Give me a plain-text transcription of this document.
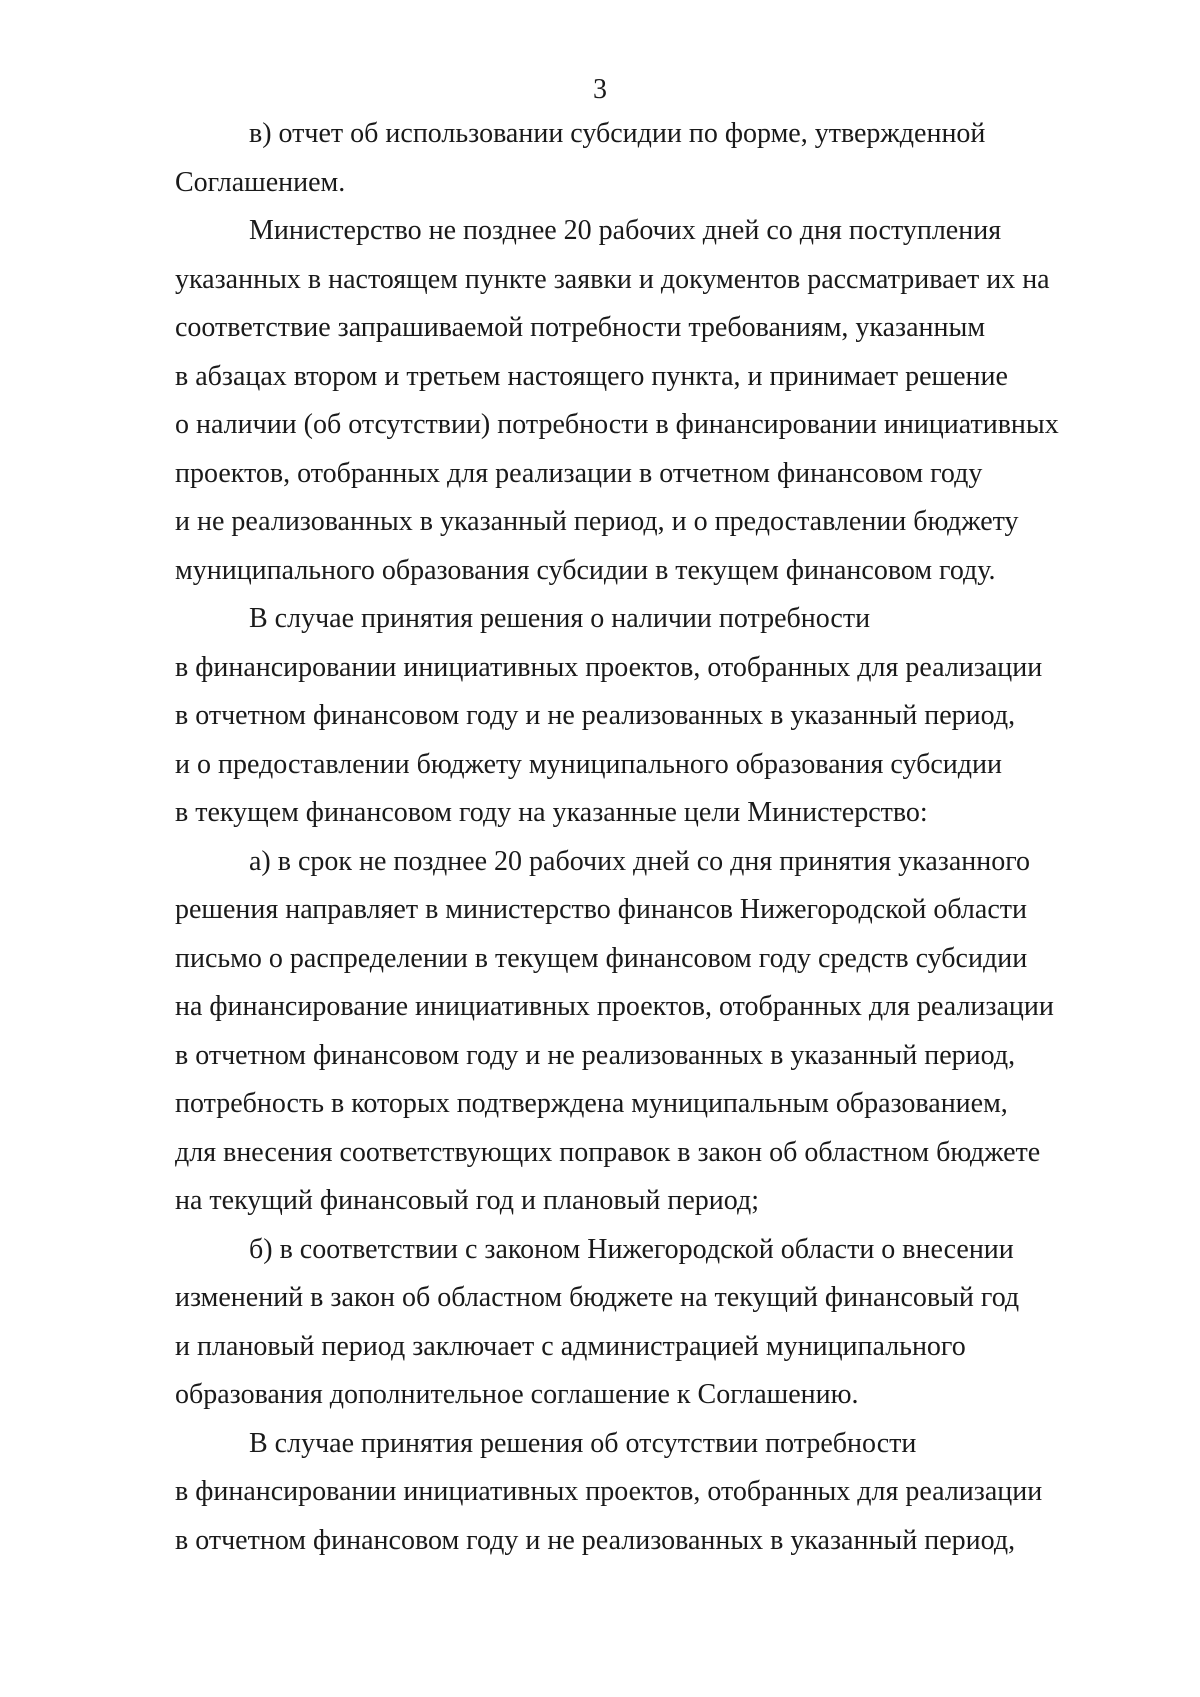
3
в) отчет об использовании субсидии по форме, утвержденной
Соглашением.
Министерство не позднее 20 рабочих дней со дня поступления
указанных в настоящем пункте заявки и документов рассматривает их на
соответствие запрашиваемой потребности требованиям, указанным
в абзацах втором и третьем настоящего пункта, и принимает решение
о наличии (об отсутствии) потребности в финансировании инициативных
проектов, отобранных для реализации в отчетном финансовом году
и не реализованных в указанный период, и о предоставлении бюджету
муниципального образования субсидии в текущем финансовом году.
В случае принятия решения о наличии потребности
в финансировании инициативных проектов, отобранных для реализации
в отчетном финансовом году и не реализованных в указанный период,
и о предоставлении бюджету муниципального образования субсидии
в текущем финансовом году на указанные цели Министерство:
а) в срок не позднее 20 рабочих дней со дня принятия указанного
решения направляет в министерство финансов Нижегородской области
письмо о распределении в текущем финансовом году средств субсидии
на финансирование инициативных проектов, отобранных для реализации
в отчетном финансовом году и не реализованных в указанный период,
потребность в которых подтверждена муниципальным образованием,
для внесения соответствующих поправок в закон об областном бюджете
на текущий финансовый год и плановый период;
б) в соответствии с законом Нижегородской области о внесении
изменений в закон об областном бюджете на текущий финансовый год
и плановый период заключает с администрацией муниципального
образования дополнительное соглашение к Соглашению.
В случае принятия решения об отсутствии потребности
в финансировании инициативных проектов, отобранных для реализации
в отчетном финансовом году и не реализованных в указанный период,
